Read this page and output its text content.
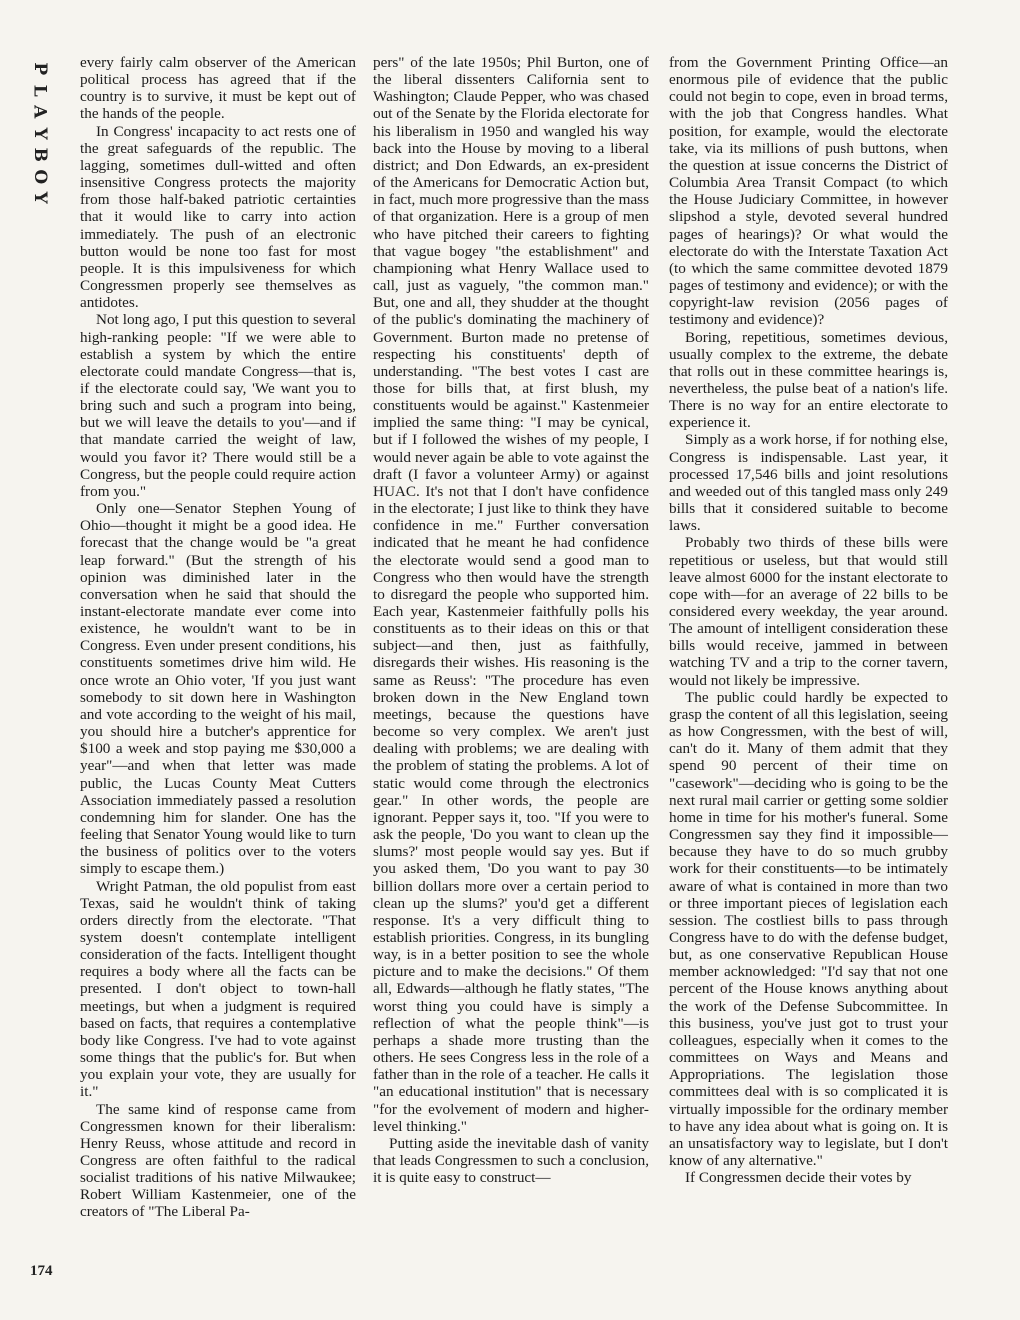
P
L
A
Y
B
O
Y

every fairly calm observer of the American political process has agreed that if the country is to survive, it must be kept out of the hands of the people.

In Congress' incapacity to act rests one of the great safeguards of the republic. The lagging, sometimes dull-witted and often insensitive Congress protects the majority from those half-baked patriotic certainties that it would like to carry into action immediately. The push of an electronic button would be none too fast for most people. It is this impulsiveness for which Congressmen properly see themselves as antidotes.

Not long ago, I put this question to several high-ranking people: "If we were able to establish a system by which the entire electorate could mandate Congress—that is, if the electorate could say, 'We want you to bring such and such a program into being, but we will leave the details to you'—and if that mandate carried the weight of law, would you favor it? There would still be a Congress, but the people could require action from you."

Only one—Senator Stephen Young of Ohio—thought it might be a good idea. He forecast that the change would be "a great leap forward." (But the strength of his opinion was diminished later in the conversation when he said that should the instant-electorate mandate ever come into existence, he wouldn't want to be in Congress. Even under present conditions, his constituents sometimes drive him wild. He once wrote an Ohio voter, 'If you just want somebody to sit down here in Washington and vote according to the weight of his mail, you should hire a butcher's apprentice for $100 a week and stop paying me $30,000 a year"—and when that letter was made public, the Lucas County Meat Cutters Association immediately passed a resolution condemning him for slander. One has the feeling that Senator Young would like to turn the business of politics over to the voters simply to escape them.)

Wright Patman, the old populist from east Texas, said he wouldn't think of taking orders directly from the electorate. "That system doesn't contemplate intelligent consideration of the facts. Intelligent thought requires a body where all the facts can be presented. I don't object to town-hall meetings, but when a judgment is required based on facts, that requires a contemplative body like Congress. I've had to vote against some things that the public's for. But when you explain your vote, they are usually for it."

The same kind of response came from Congressmen known for their liberalism: Henry Reuss, whose attitude and record in Congress are often faithful to the radical socialist traditions of his native Milwaukee; Robert William Kastenmeier, one of the creators of "The Liberal Pa-

pers" of the late 1950s; Phil Burton, one of the liberal dissenters California sent to Washington; Claude Pepper, who was chased out of the Senate by the Florida electorate for his liberalism in 1950 and wangled his way back into the House by moving to a liberal district; and Don Edwards, an ex-president of the Americans for Democratic Action but, in fact, much more progressive than the mass of that organization. Here is a group of men who have pitched their careers to fighting that vague bogey "the establishment" and championing what Henry Wallace used to call, just as vaguely, "the common man." But, one and all, they shudder at the thought of the public's dominating the machinery of Government. Burton made no pretense of respecting his constituents' depth of understanding. "The best votes I cast are those for bills that, at first blush, my constituents would be against." Kastenmeier implied the same thing: "I may be cynical, but if I followed the wishes of my people, I would never again be able to vote against the draft (I favor a volunteer Army) or against HUAC. It's not that I don't have confidence in the electorate; I just like to think they have confidence in me." Further conversation indicated that he meant he had confidence the electorate would send a good man to Congress who then would have the strength to disregard the people who supported him. Each year, Kastenmeier faithfully polls his constituents as to their ideas on this or that subject—and then, just as faithfully, disregards their wishes. His reasoning is the same as Reuss': "The procedure has even broken down in the New England town meetings, because the questions have become so very complex. We aren't just dealing with problems; we are dealing with the problem of stating the problems. A lot of static would come through the electronics gear." In other words, the people are ignorant. Pepper says it, too. "If you were to ask the people, 'Do you want to clean up the slums?' most people would say yes. But if you asked them, 'Do you want to pay 30 billion dollars more over a certain period to clean up the slums?' you'd get a different response. It's a very difficult thing to establish priorities. Congress, in its bungling way, is in a better position to see the whole picture and to make the decisions." Of them all, Edwards—although he flatly states, "The worst thing you could have is simply a reflection of what the people think"—is perhaps a shade more trusting than the others. He sees Congress less in the role of a father than in the role of a teacher. He calls it "an educational institution" that is necessary "for the evolvement of modern and higher-level thinking."

Putting aside the inevitable dash of vanity that leads Congressmen to such a conclusion, it is quite easy to construct—

from the Government Printing Office—an enormous pile of evidence that the public could not begin to cope, even in broad terms, with the job that Congress handles. What position, for example, would the electorate take, via its millions of push buttons, when the question at issue concerns the District of Columbia Area Transit Compact (to which the House Judiciary Committee, in however slipshod a style, devoted several hundred pages of hearings)? Or what would the electorate do with the Interstate Taxation Act (to which the same committee devoted 1879 pages of testimony and evidence); or with the copyright-law revision (2056 pages of testimony and evidence)?

Boring, repetitious, sometimes devious, usually complex to the extreme, the debate that rolls out in these committee hearings is, nevertheless, the pulse beat of a nation's life. There is no way for an entire electorate to experience it.

Simply as a work horse, if for nothing else, Congress is indispensable. Last year, it processed 17,546 bills and joint resolutions and weeded out of this tangled mass only 249 bills that it considered suitable to become laws.

Probably two thirds of these bills were repetitious or useless, but that would still leave almost 6000 for the instant electorate to cope with—for an average of 22 bills to be considered every weekday, the year around. The amount of intelligent consideration these bills would receive, jammed in between watching TV and a trip to the corner tavern, would not likely be impressive.

The public could hardly be expected to grasp the content of all this legislation, seeing as how Congressmen, with the best of will, can't do it. Many of them admit that they spend 90 percent of their time on "casework"—deciding who is going to be the next rural mail carrier or getting some soldier home in time for his mother's funeral. Some Congressmen say they find it impossible—because they have to do so much grubby work for their constituents—to be intimately aware of what is contained in more than two or three important pieces of legislation each session. The costliest bills to pass through Congress have to do with the defense budget, but, as one conservative Republican House member acknowledged: "I'd say that not one percent of the House knows anything about the work of the Defense Subcommittee. In this business, you've just got to trust your colleagues, especially when it comes to the committees on Ways and Means and Appropriations. The legislation those committees deal with is so complicated it is virtually impossible for the ordinary member to have any idea about what is going on. It is an unsatisfactory way to legislate, but I don't know of any alternative."

If Congressmen decide their votes by

174
